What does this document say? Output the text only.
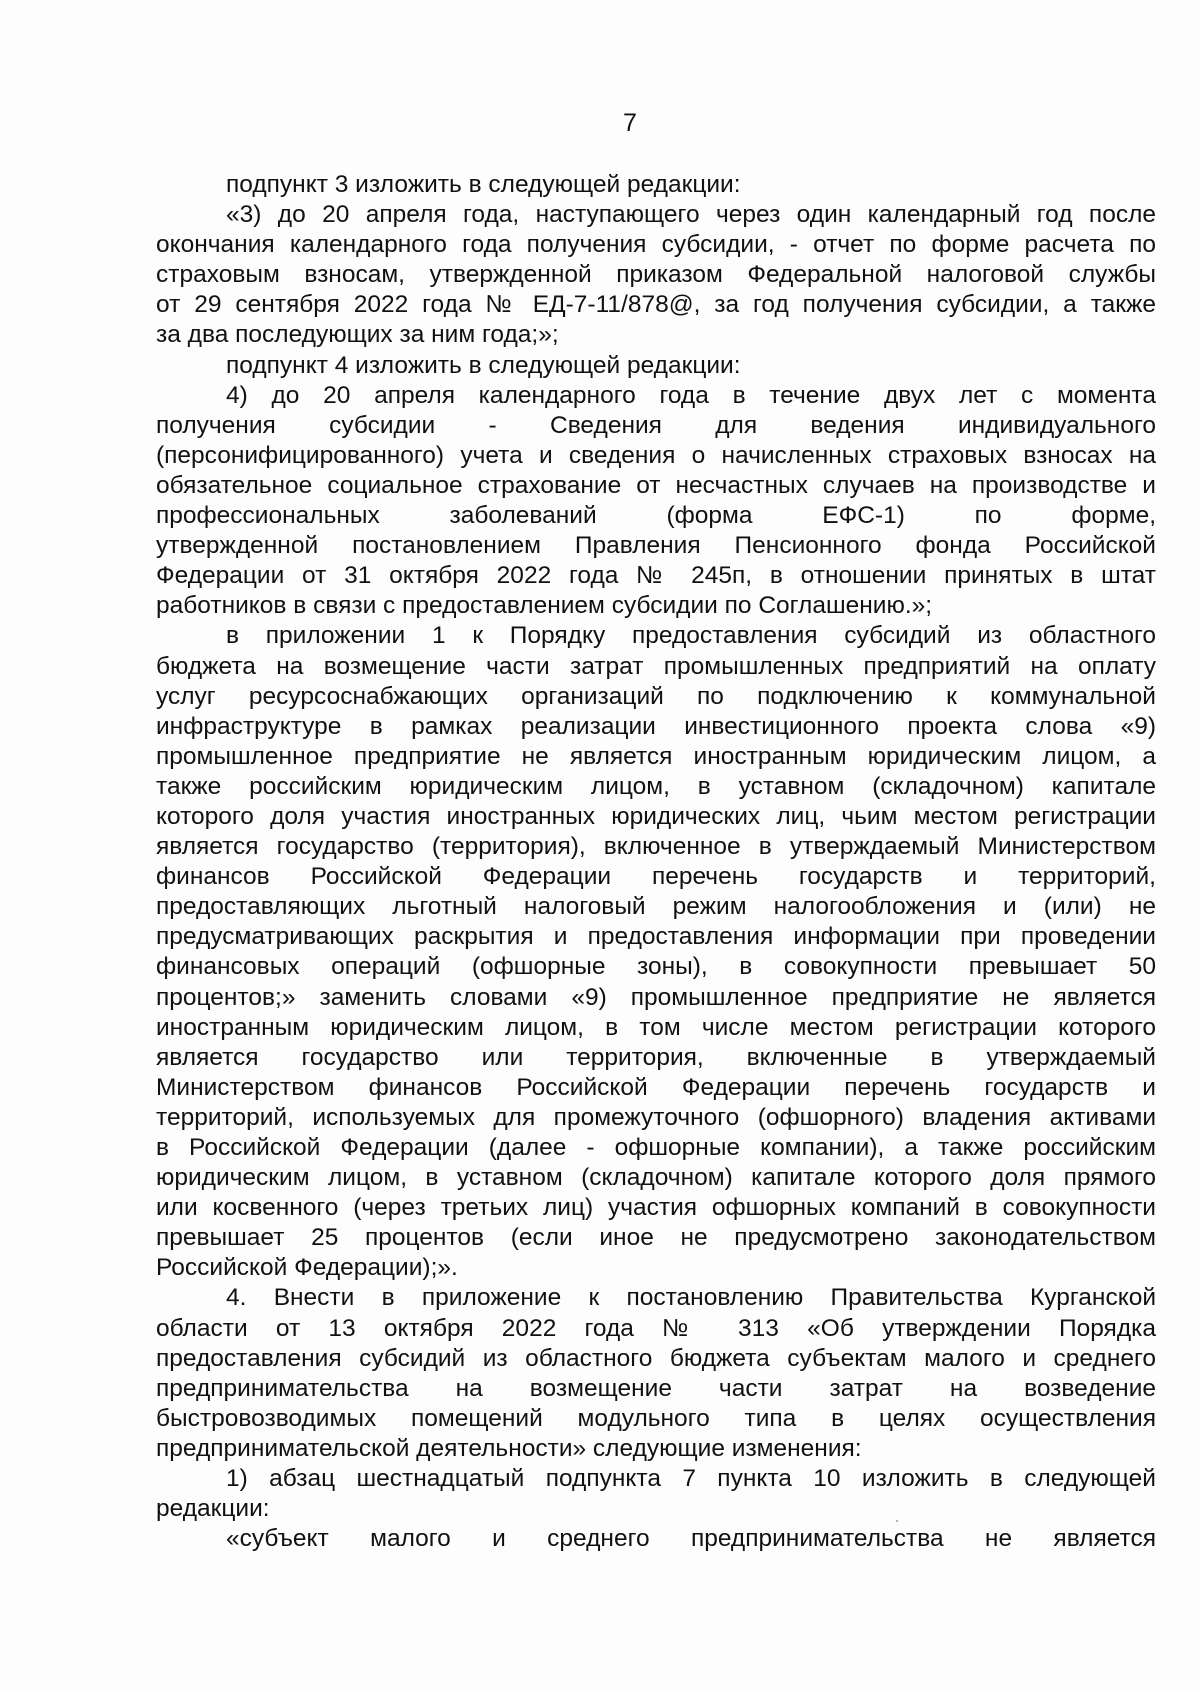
7

подпункт 3 изложить в следующей редакции:

«3) до 20 апреля года, наступающего через один календарный год после

окончания календарного года получения субсидии, - отчет по форме расчета по

страховым взносам, утвержденной приказом Федеральной налоговой службы

от 29 сентября 2022 года № ЕД-7-11/878@, за год получения субсидии, а также

за два последующих за ним года;»;

подпункт 4 изложить в следующей редакции:

4) до 20 апреля календарного года в течение двух лет с момента

получения субсидии - Сведения для ведения индивидуального

(персонифицированного) учета и сведения о начисленных страховых взносах на

обязательное социальное страхование от несчастных случаев на производстве и

профессиональных заболеваний (форма ЕФС-1) по форме,

утвержденной постановлением Правления Пенсионного фонда Российской

Федерации от 31 октября 2022 года № 245п, в отношении принятых в штат

работников в связи с предоставлением субсидии по Соглашению.»;

в приложении 1 к Порядку предоставления субсидий из областного

бюджета на возмещение части затрат промышленных предприятий на оплату

услуг ресурсоснабжающих организаций по подключению к коммунальной

инфраструктуре в рамках реализации инвестиционного проекта слова «9)

промышленное предприятие не является иностранным юридическим лицом, а

также российским юридическим лицом, в уставном (складочном) капитале

которого доля участия иностранных юридических лиц, чьим местом регистрации

является государство (территория), включенное в утверждаемый Министерством

финансов Российской Федерации перечень государств и территорий,

предоставляющих льготный налоговый режим налогообложения и (или) не

предусматривающих раскрытия и предоставления информации при проведении

финансовых операций (офшорные зоны), в совокупности превышает 50

процентов;» заменить словами «9) промышленное предприятие не является

иностранным юридическим лицом, в том числе местом регистрации которого

является государство или территория, включенные в утверждаемый

Министерством финансов Российской Федерации перечень государств и

территорий, используемых для промежуточного (офшорного) владения активами

в Российской Федерации (далее - офшорные компании), а также российским

юридическим лицом, в уставном (складочном) капитале которого доля прямого

или косвенного (через третьих лиц) участия офшорных компаний в совокупности

превышает 25 процентов (если иное не предусмотрено законодательством

Российской Федерации);».

4. Внести в приложение к постановлению Правительства Курганской

области от 13 октября 2022 года № 313 «Об утверждении Порядка

предоставления субсидий из областного бюджета субъектам малого и среднего

предпринимательства на возмещение части затрат на возведение

быстровозводимых помещений модульного типа в целях осуществления

предпринимательской деятельности» следующие изменения:

1) абзац шестнадцатый подпункта 7 пункта 10 изложить в следующей

редакции:

«субъект малого и среднего предпринимательства не является
